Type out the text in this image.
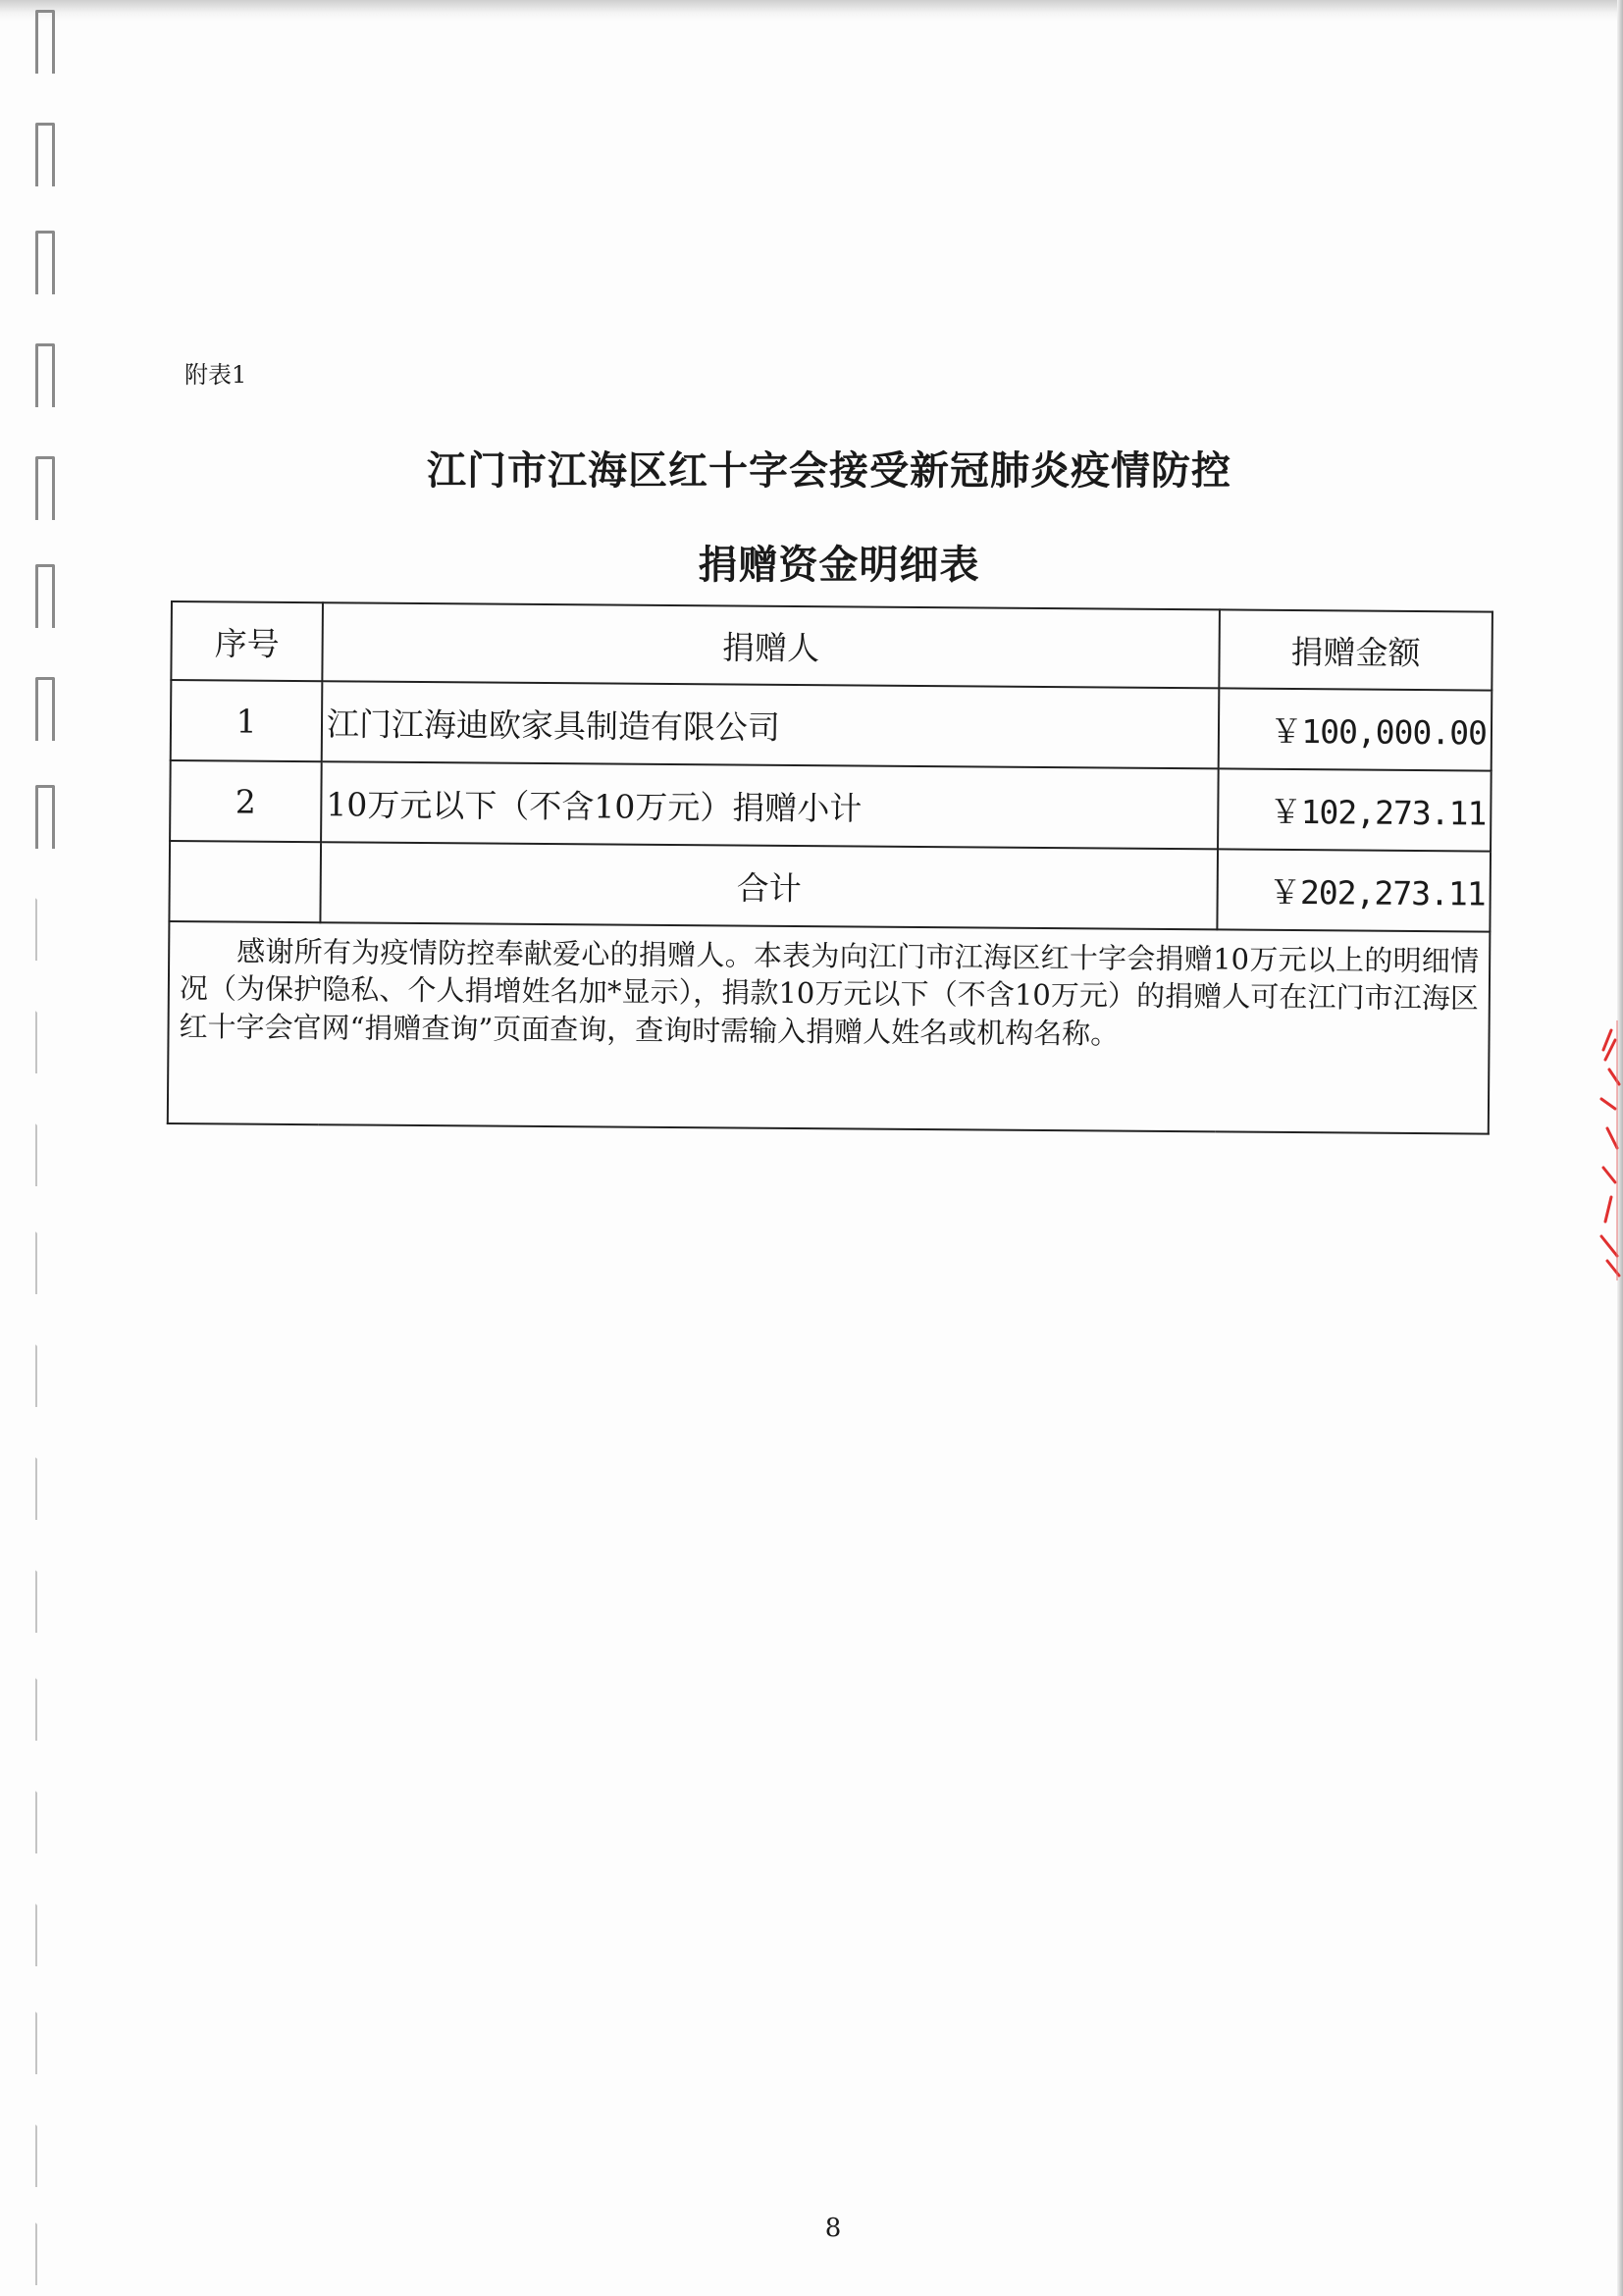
附表1
江门市江海区红十字会接受新冠肺炎疫情防控
捐赠资金明细表
序号	捐赠人	捐赠金额
1	江门江海迪欧家具制造有限公司	￥100,000.00
2	10万元以下（不含10万元）捐赠小计	￥102,273.11
	合计	￥202,273.11
感谢所有为疫情防控奉献爱心的捐赠人。本表为向江门市江海区红十字会捐赠10万元以上的明细情况（为保护隐私、个人捐增姓名加*显示），捐款10万元以下（不含10万元）的捐赠人可在江门市江海区红十字会官网“捐赠查询”页面查询，查询时需输入捐赠人姓名或机构名称。		
8
